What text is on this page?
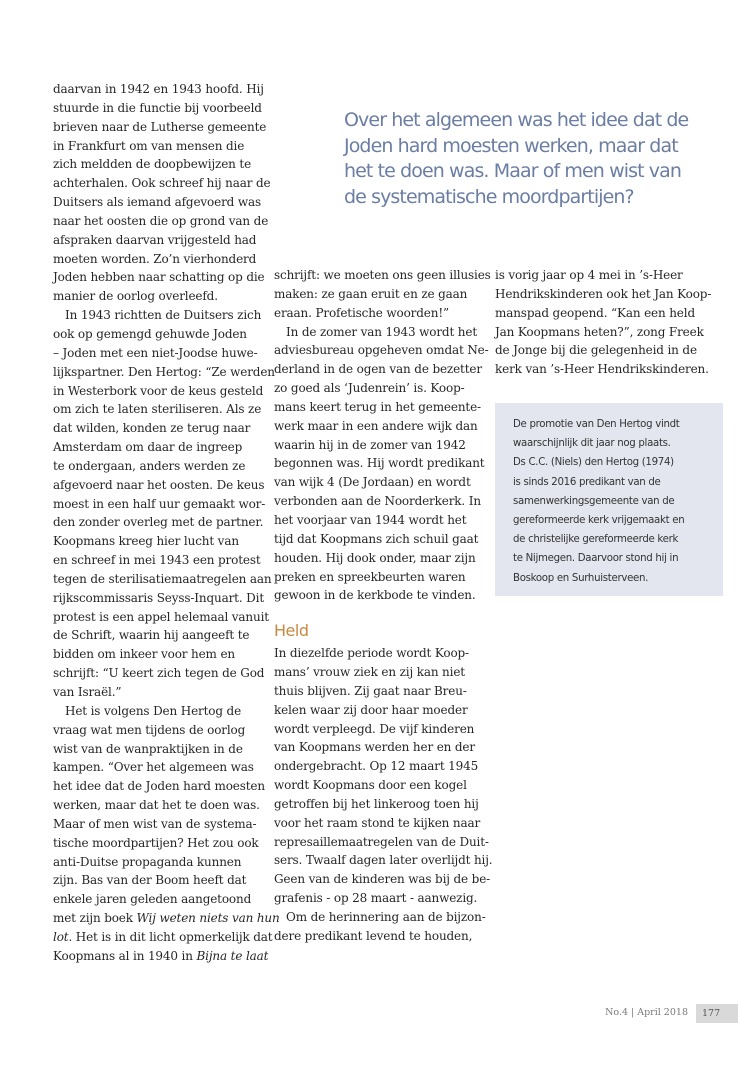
Over het algemeen was het idee dat de
Joden hard moesten werken, maar dat
het te doen was. Maar of men wist van
de systematische moordpartijen?

daarvan in 1942 en 1943 hoofd. Hij

stuurde in die functie bij voorbeeld

brieven naar de Lutherse gemeente

in Frankfurt om van mensen die

zich meldden de doopbewijzen te

achterhalen. Ook schreef hij naar de

Duitsers als iemand afgevoerd was

naar het oosten die op grond van de

afspraken daarvan vrijgesteld had

moeten worden. Zo’n vierhonderd

Joden hebben naar schatting op die

manier de oorlog overleefd.

In 1943 richtten de Duitsers zich

ook op gemengd gehuwde Joden

– Joden met een niet-Joodse huwe-

lijkspartner. Den Hertog: “Ze werden

in Westerbork voor de keus gesteld

om zich te laten steriliseren. Als ze

dat wilden, konden ze terug naar

Amsterdam om daar de ingreep

te ondergaan, anders werden ze

afgevoerd naar het oosten. De keus

moest in een half uur gemaakt wor-

den zonder overleg met de partner.

Koopmans kreeg hier lucht van

en schreef in mei 1943 een protest

tegen de sterilisatiemaatregelen aan

rijkscommissaris Seyss-Inquart. Dit

protest is een appel helemaal vanuit

de Schrift, waarin hij aangeeft te

bidden om inkeer voor hem en

schrijft: “U keert zich tegen de God

van Israël.”

Het is volgens Den Hertog de

vraag wat men tijdens de oorlog

wist van de wanpraktijken in de

kampen. “Over het algemeen was

het idee dat de Joden hard moesten

werken, maar dat het te doen was.

Maar of men wist van de systema-

tische moordpartijen? Het zou ook

anti-Duitse propaganda kunnen

zijn. Bas van der Boom heeft dat

enkele jaren geleden aangetoond

met zijn boek Wij weten niets van hun

lot. Het is in dit licht opmerkelijk dat

Koopmans al in 1940 in Bijna te laat

schrijft: we moeten ons geen illusies

maken: ze gaan eruit en ze gaan

eraan. Profetische woorden!”

In de zomer van 1943 wordt het

adviesbureau opgeheven omdat Ne-

derland in de ogen van de bezetter

zo goed als ‘Judenrein’ is. Koop-

mans keert terug in het gemeente-

werk maar in een andere wijk dan

waarin hij in de zomer van 1942

begonnen was. Hij wordt predikant

van wijk 4 (De Jordaan) en wordt

verbonden aan de Noorderkerk. In

het voorjaar van 1944 wordt het

tijd dat Koopmans zich schuil gaat

houden. Hij dook onder, maar zijn

preken en spreekbeurten waren

gewoon in de kerkbode te vinden.

Held

In diezelfde periode wordt Koop-

mans’ vrouw ziek en zij kan niet

thuis blijven. Zij gaat naar Breu-

kelen waar zij door haar moeder

wordt verpleegd. De vijf kinderen

van Koopmans werden her en der

ondergebracht. Op 12 maart 1945

wordt Koopmans door een kogel

getroffen bij het linkeroog toen hij

voor het raam stond te kijken naar

represaillemaatregelen van de Duit-

sers. Twaalf dagen later overlijdt hij.

Geen van de kinderen was bij de be-

grafenis - op 28 maart - aanwezig.

Om de herinnering aan de bijzon-

dere predikant levend te houden,

is vorig jaar op 4 mei in ’s-Heer

Hendrikskinderen ook het Jan Koop-

manspad geopend. “Kan een held

Jan Koopmans heten?”, zong Freek

de Jonge bij die gelegenheid in de

kerk van ’s-Heer Hendrikskinderen.

De promotie van Den Hertog vindt
waarschijnlijk dit jaar nog plaats.
Ds C.C. (Niels) den Hertog (1974)
is sinds 2016 predikant van de
samenwerkingsgemeente van de
gereformeerde kerk vrijgemaakt en
de christelijke gereformeerde kerk
te Nijmegen. Daarvoor stond hij in
Boskoop en Surhuisterveen.
No.4 | April 2018	177
